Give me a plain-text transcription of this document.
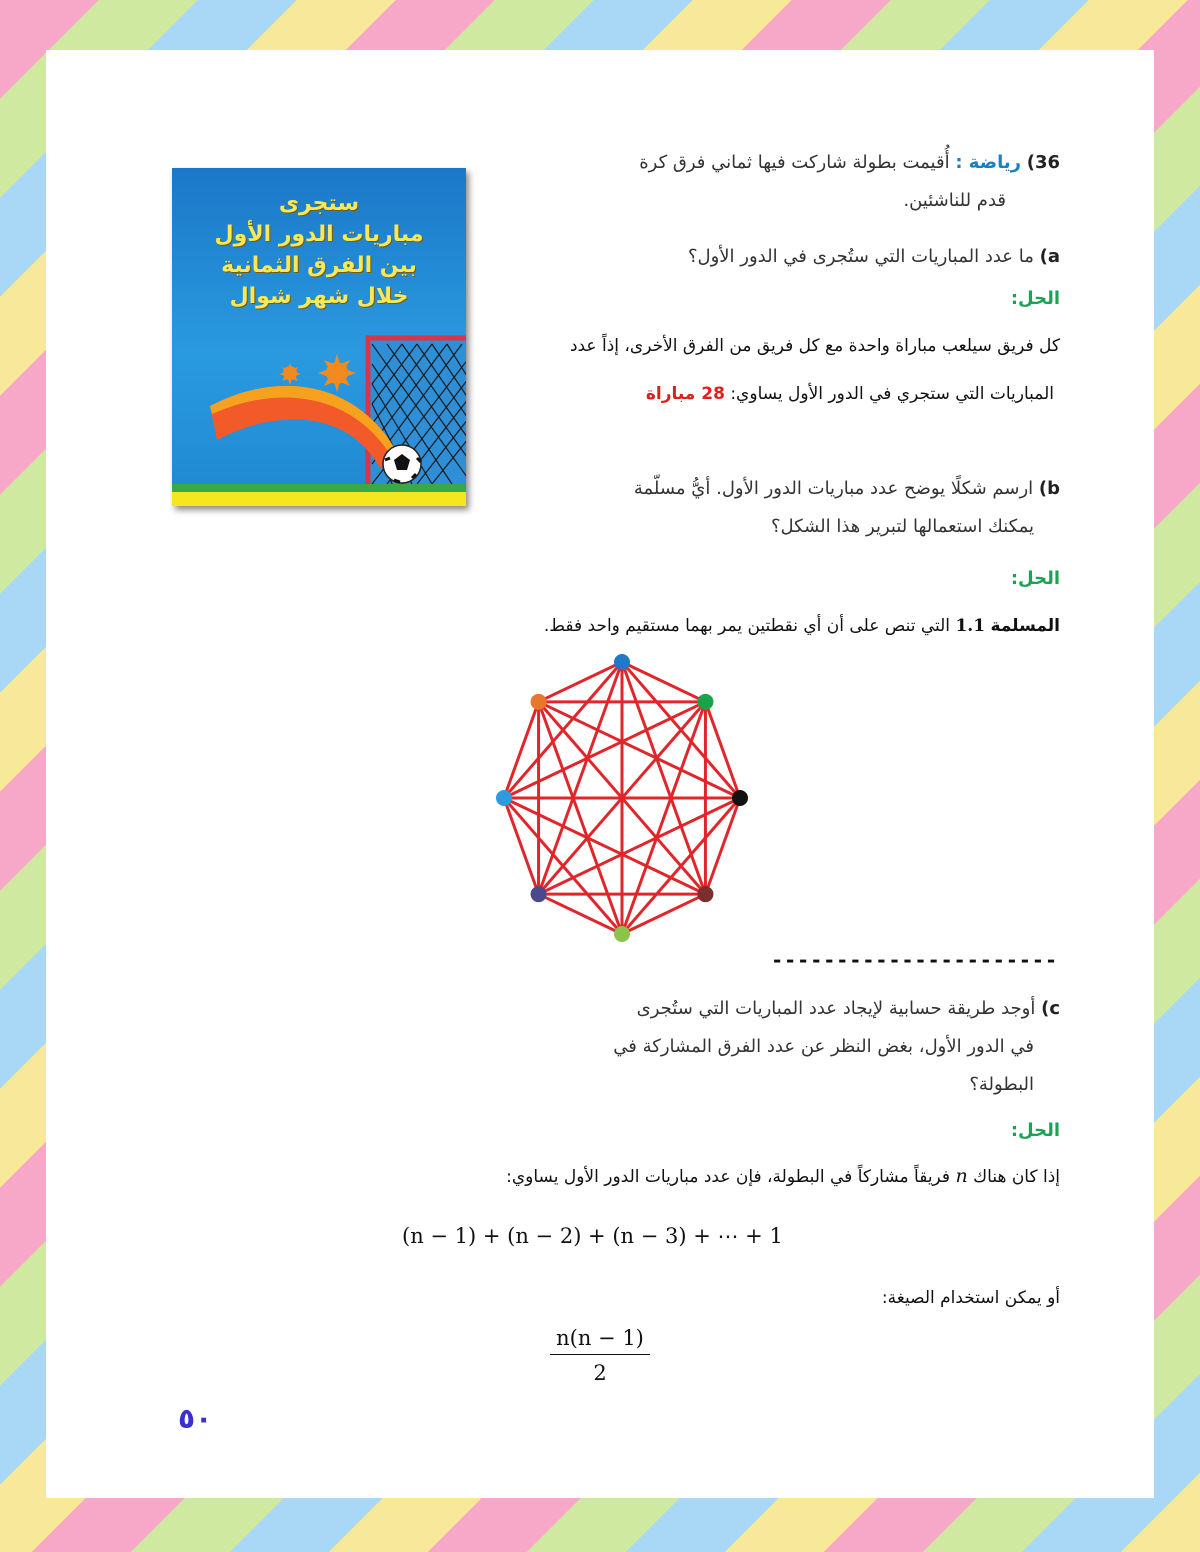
ستجرى
مباريات الدور الأول
بين الفرق الثمانية
خلال شهر شوال
36) رياضة : أُقيمت بطولة شاركت فيها ثماني فرق كرة
قدم للناشئين.
a) ما عدد المباريات التي ستُجرى في الدور الأول؟
الحل:
كل فريق سيلعب مباراة واحدة مع كل فريق من الفرق الأخرى، إذاً عدد
المباريات التي ستجري في الدور الأول يساوي: 28 مباراة
b) ارسم شكلًا يوضح عدد مباريات الدور الأول. أيُّ مسلّمة
يمكنك استعمالها لتبرير هذا الشكل؟
الحل:
المسلمة 1.1 التي تنص على أن أي نقطتين يمر بهما مستقيم واحد فقط.
----------------------
c) أوجد طريقة حسابية لإيجاد عدد المباريات التي ستُجرى
في الدور الأول، بغض النظر عن عدد الفرق المشاركة في
البطولة؟
الحل:
إذا كان هناك n فريقاً مشاركاً في البطولة، فإن عدد مباريات الدور الأول يساوي:
(n − 1) + (n − 2) + (n − 3) + ⋯ + 1
أو يمكن استخدام الصيغة:
$\frac{n(n - 1)}{2}$
٥٠
